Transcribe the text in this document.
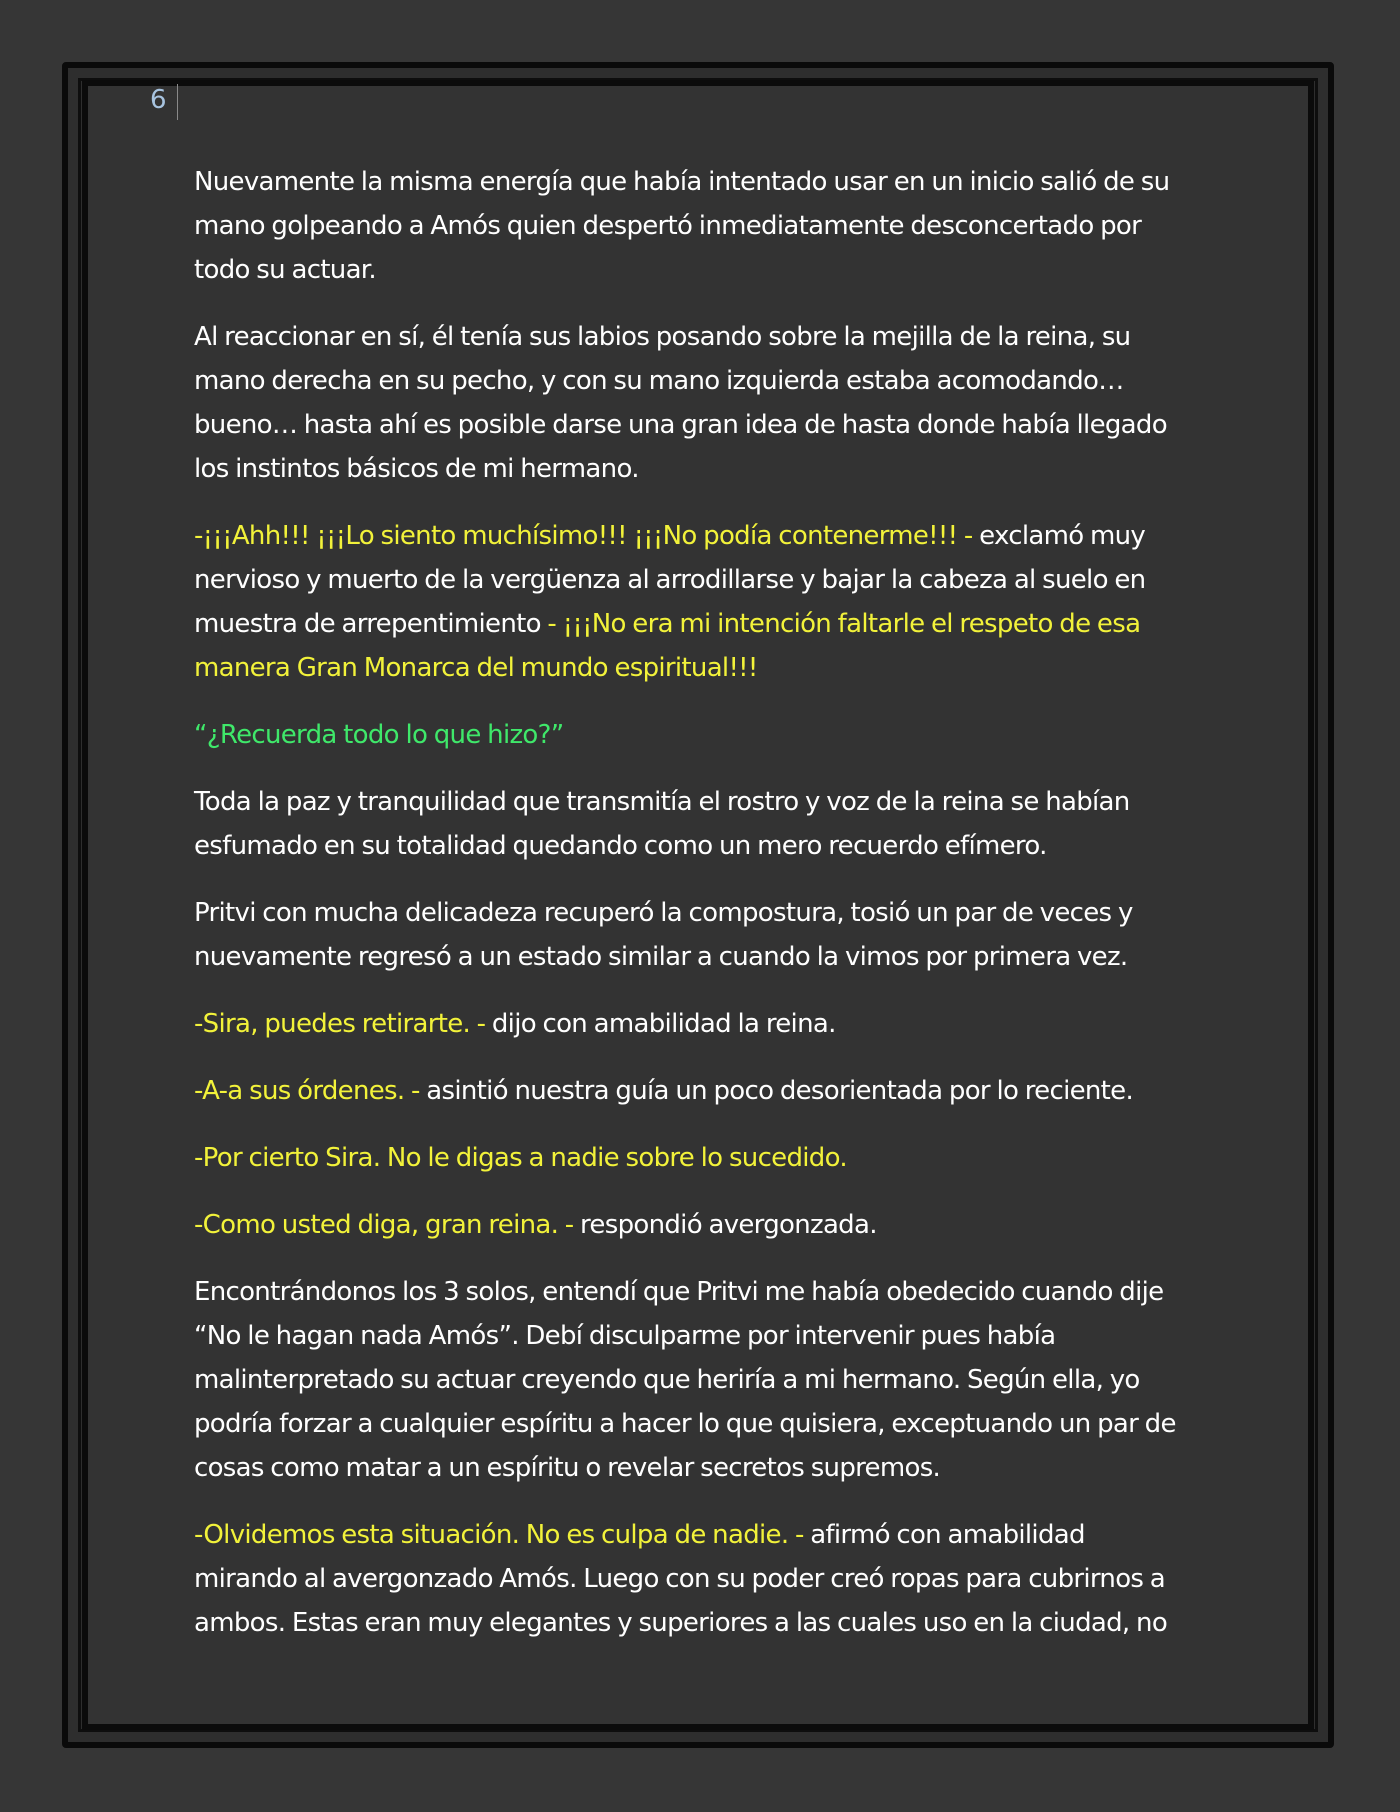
6

Nuevamente la misma energía que había intentado usar en un inicio salió de su mano golpeando a Amós quien despertó inmediatamente desconcertado por todo su actuar.

Al reaccionar en sí, él tenía sus labios posando sobre la mejilla de la reina, su mano derecha en su pecho, y con su mano izquierda estaba acomodando… bueno… hasta ahí es posible darse una gran idea de hasta donde había llegado los instintos básicos de mi hermano.

-¡¡¡Ahh!!! ¡¡¡Lo siento muchísimo!!! ¡¡¡No podía contenerme!!! - exclamó muy nervioso y muerto de la vergüenza al arrodillarse y bajar la cabeza al suelo en muestra de arrepentimiento - ¡¡¡No era mi intención faltarle el respeto de esa manera Gran Monarca del mundo espiritual!!!

“¿Recuerda todo lo que hizo?”

Toda la paz y tranquilidad que transmitía el rostro y voz de la reina se habían esfumado en su totalidad quedando como un mero recuerdo efímero.

Pritvi con mucha delicadeza recuperó la compostura, tosió un par de veces y nuevamente regresó a un estado similar a cuando la vimos por primera vez.

-Sira, puedes retirarte. - dijo con amabilidad la reina.

-A-a sus órdenes. - asintió nuestra guía un poco desorientada por lo reciente.

-Por cierto Sira. No le digas a nadie sobre lo sucedido.

-Como usted diga, gran reina. - respondió avergonzada.

Encontrándonos los 3 solos, entendí que Pritvi me había obedecido cuando dije “No le hagan nada Amós”. Debí disculparme por intervenir pues había malinterpretado su actuar creyendo que heriría a mi hermano. Según ella, yo podría forzar a cualquier espíritu a hacer lo que quisiera, exceptuando un par de cosas como matar a un espíritu o revelar secretos supremos.

-Olvidemos esta situación. No es culpa de nadie. - afirmó con amabilidad mirando al avergonzado Amós. Luego con su poder creó ropas para cubrirnos a ambos. Estas eran muy elegantes y superiores a las cuales uso en la ciudad, no
